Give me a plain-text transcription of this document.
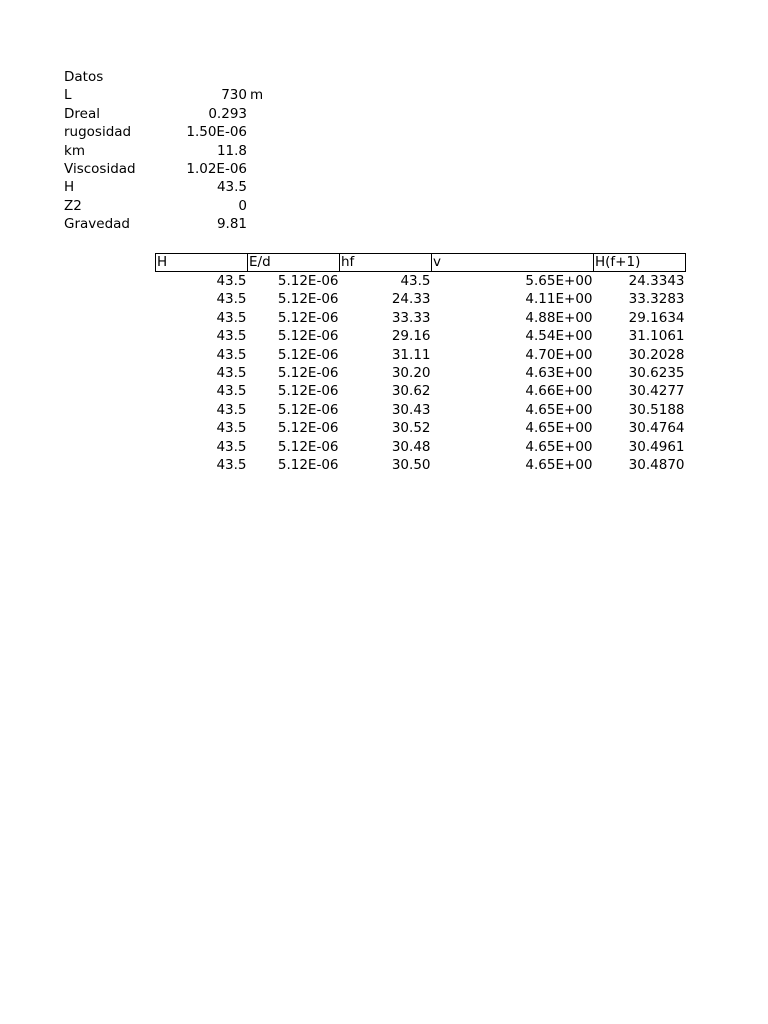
Datos
L	730 m
Dreal	0.293
rugosidad	1.50E-06
km	11.8
Viscosidad	1.02E-06
H	43.5
Z2	0
Gravedad	9.81
H	E/d	hf	v	H(f+1)
43.5	5.12E-06	43.5	5.65E+00	24.3343
43.5	5.12E-06	24.33	4.11E+00	33.3283
43.5	5.12E-06	33.33	4.88E+00	29.1634
43.5	5.12E-06	29.16	4.54E+00	31.1061
43.5	5.12E-06	31.11	4.70E+00	30.2028
43.5	5.12E-06	30.20	4.63E+00	30.6235
43.5	5.12E-06	30.62	4.66E+00	30.4277
43.5	5.12E-06	30.43	4.65E+00	30.5188
43.5	5.12E-06	30.52	4.65E+00	30.4764
43.5	5.12E-06	30.48	4.65E+00	30.4961
43.5	5.12E-06	30.50	4.65E+00	30.4870
